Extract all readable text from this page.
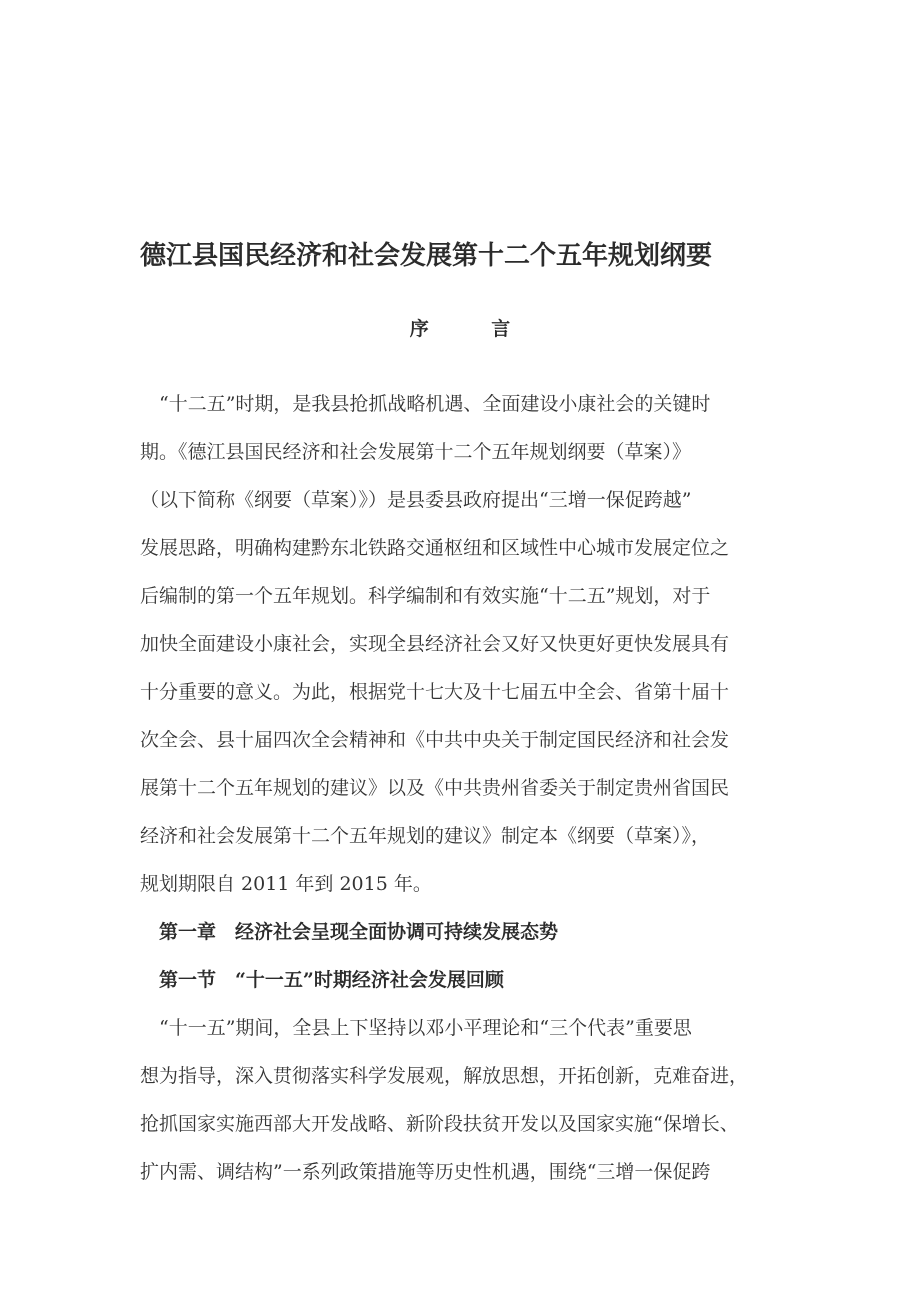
德江县国民经济和社会发展第十二个五年规划纲要
序 言
　“十二五”时期，是我县抢抓战略机遇、全面建设小康社会的关键时
期。《德江县国民经济和社会发展第十二个五年规划纲要（草案）》
（以下简称《纲要（草案）》）是县委县政府提出“三增一保促跨越”
发展思路，明确构建黔东北铁路交通枢纽和区域性中心城市发展定位之
后编制的第一个五年规划。科学编制和有效实施“十二五”规划，对于
加快全面建设小康社会，实现全县经济社会又好又快更好更快发展具有
十分重要的意义。为此，根据党十七大及十七届五中全会、省第十届十
次全会、县十届四次全会精神和《中共中央关于制定国民经济和社会发
展第十二个五年规划的建议》以及《中共贵州省委关于制定贵州省国民
经济和社会发展第十二个五年规划的建议》制定本《纲要（草案）》，
规划期限自 2011 年到 2015 年。
　第一章　经济社会呈现全面协调可持续发展态势
　第一节　“十一五”时期经济社会发展回顾
　“十一五”期间，全县上下坚持以邓小平理论和“三个代表”重要思
想为指导，深入贯彻落实科学发展观，解放思想，开拓创新，克难奋进，
抢抓国家实施西部大开发战略、新阶段扶贫开发以及国家实施“保增长、
扩内需、调结构”一系列政策措施等历史性机遇，围绕“三增一保促跨
